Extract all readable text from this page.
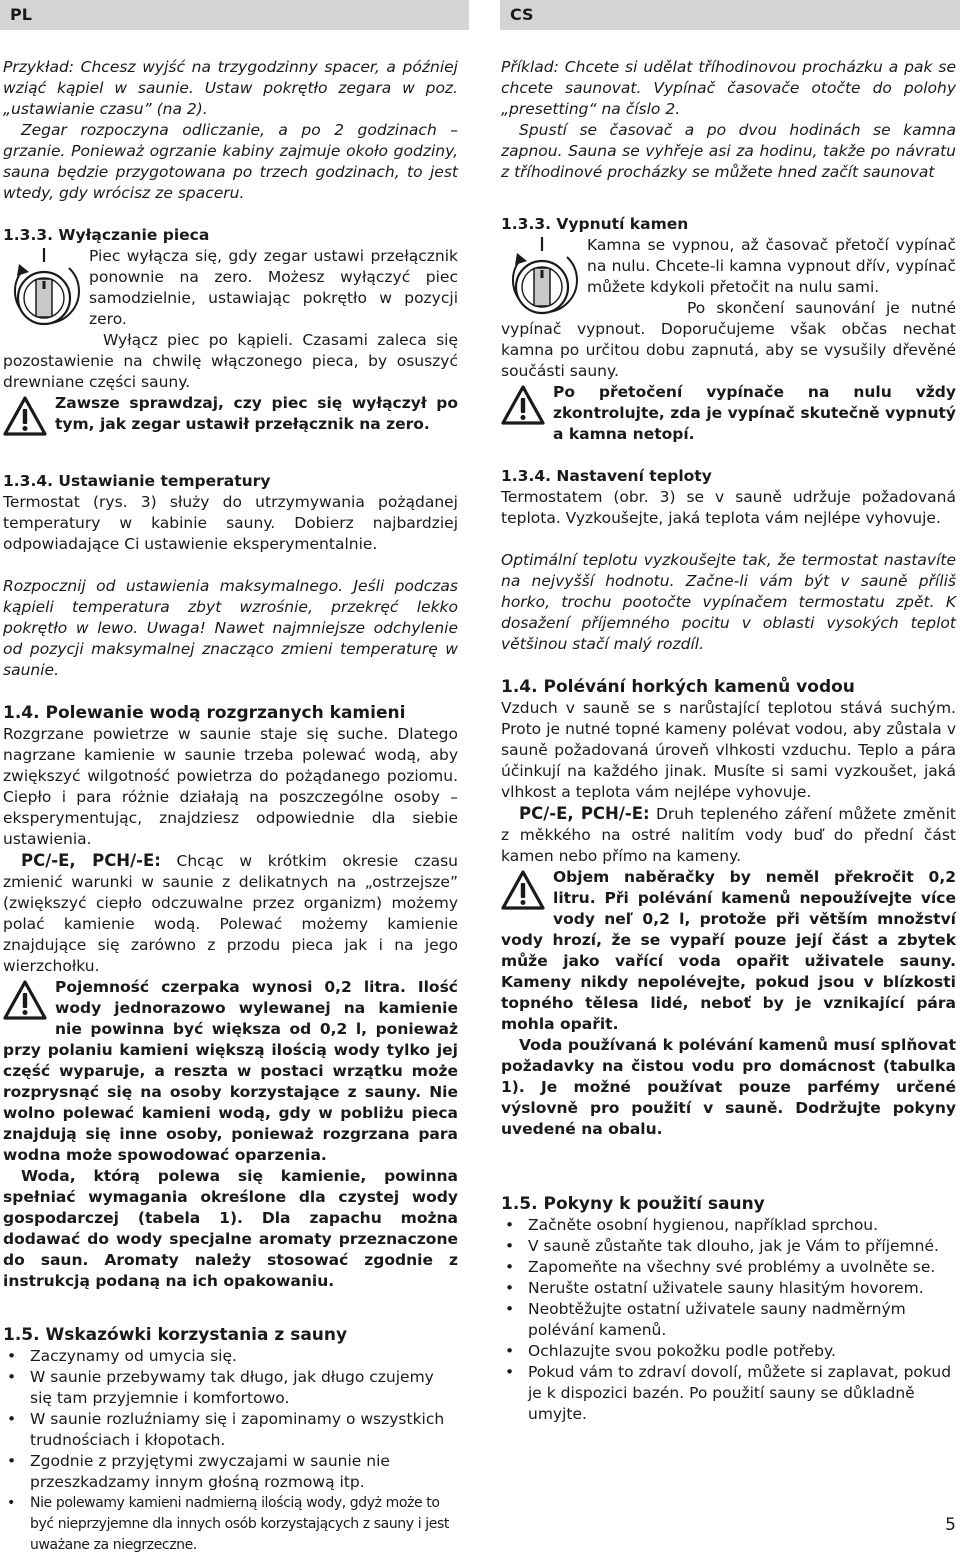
PL	CS

Przykład: Chcesz wyjść na trzygodzinny spacer, a później wziąć kąpiel w saunie. Ustaw pokrętło zegara w poz. „ustawianie czasu” (na 2).

Zegar rozpoczyna odliczanie, a po 2 godzinach – grzanie. Ponieważ ogrzanie kabiny zajmuje około godziny, sauna będzie przygotowana po trzech godzinach, to jest wtedy, gdy wrócisz ze spaceru.

1.3.3. Wyłączanie pieca

Piec wyłącza się, gdy zegar ustawi przełącznik ponownie na zero. Możesz wyłączyć piec samodzielnie, ustawiając pokrętło w pozycji zero.

Wyłącz piec po kąpieli. Czasami zaleca się pozostawienie na chwilę włączonego pieca, by osuszyć drewniane części sauny.

Zawsze sprawdzaj, czy piec się wyłączył po tym, jak zegar ustawił przełącznik na zero.

1.3.4. Ustawianie temperatury

Termostat (rys. 3) służy do utrzymywania pożądanej temperatury w kabinie sauny. Dobierz najbardziej odpowiadające Ci ustawienie eksperymentalnie.

Rozpocznij od ustawienia maksymalnego. Jeśli podczas kąpieli temperatura zbyt wzrośnie, przekręć lekko pokrętło w lewo. Uwaga! Nawet najmniejsze odchylenie od pozycji maksymalnej znacząco zmieni temperaturę w saunie.

1.4. Polewanie wodą rozgrzanych kamieni

Rozgrzane powietrze w saunie staje się suche. Dlatego nagrzane kamienie w saunie trzeba polewać wodą, aby zwiększyć wilgotność powietrza do pożądanego poziomu. Ciepło i para różnie działają na poszczególne osoby – eksperymentując, znajdziesz odpowiednie dla siebie ustawienia.

PC/-E, PCH/-E: Chcąc w krótkim okresie czasu zmienić warunki w saunie z delikatnych na „ostrzejsze” (zwiększyć ciepło odczuwalne przez organizm) możemy polać kamienie wodą. Polewać możemy kamienie znajdujące się zarówno z przodu pieca jak i na jego wierzchołku.

Pojemność czerpaka wynosi 0,2 litra. Ilość wody jednorazowo wylewanej na kamienie nie powinna być większa od 0,2 l, ponieważ przy polaniu kamieni większą ilością wody tylko jej część wyparuje, a reszta w postaci wrzątku może rozprysnąć się na osoby korzystające z sauny. Nie wolno polewać kamieni wodą, gdy w pobliżu pieca znajdują się inne osoby, ponieważ rozgrzana para wodna może spowodować oparzenia.

Woda, którą polewa się kamienie, powinna spełniać wymagania określone dla czystej wody gospodarczej (tabela 1). Dla zapachu można dodawać do wody specjalne aromaty przeznaczone do saun. Aromaty należy stosować zgodnie z instrukcją podaną na ich opakowaniu.

1.5. Wskazówki korzystania z sauny
• Zaczynamy od umycia się.
• W saunie przebywamy tak długo, jak długo czujemy się tam przyjemnie i komfortowo.
• W saunie rozluźniamy się i zapominamy o wszystkich trudnościach i kłopotach.
• Zgodnie z przyjętymi zwyczajami w saunie nie przeszkadzamy innym głośną rozmową itp.
• Nie polewamy kamieni nadmierną ilością wody, gdyż może to być nieprzyjemne dla innych osób korzystających z sauny i jest uważane za niegrzeczne.

Příklad: Chcete si udělat tříhodinovou procházku a pak se chcete saunovat. Vypínač časovače otočte do polohy „presetting“ na číslo 2.

Spustí se časovač a po dvou hodinách se kamna zapnou. Sauna se vyhřeje asi za hodinu, takže po návratu z tříhodinové procházky se můžete hned začít saunovat

1.3.3. Vypnutí kamen

Kamna se vypnou, až časovač přetočí vypínač na nulu. Chcete-li kamna vypnout dřív, vypínač můžete kdykoli přetočit na nulu sami.

Po skončení saunování je nutné vypínač vypnout. Doporučujeme však občas nechat kamna po určitou dobu zapnutá, aby se vysušily dřevěné součásti sauny.

Po přetočení vypínače na nulu vždy zkontrolujte, zda je vypínač skutečně vypnutý a kamna netopí.

1.3.4. Nastavení teploty

Termostatem (obr. 3) se v sauně udržuje požadovaná teplota. Vyzkoušejte, jaká teplota vám nejlépe vyhovuje.

Optimální teplotu vyzkoušejte tak, že termostat nastavíte na nejvyšší hodnotu. Začne-li vám být v sauně příliš horko, trochu pootočte vypínačem termostatu zpět. K dosažení příjemného pocitu v oblasti vysokých teplot většinou stačí malý rozdíl.

1.4. Polévání horkých kamenů vodou

Vzduch v sauně se s narůstající teplotou stává suchým. Proto je nutné topné kameny polévat vodou, aby zůstala v sauně požadovaná úroveň vlhkosti vzduchu. Teplo a pára účinkují na každého jinak. Musíte si sami vyzkoušet, jaká vlhkost a teplota vám nejlépe vyhovuje.

PC/-E, PCH/-E: Druh tepleného záření můžete změnit z měkkého na ostré nalitím vody buď do přední část kamen nebo přímo na kameny.

Objem naběračky by neměl překročit 0,2 litru. Při polévání kamenů nepoužívejte více vody neľ 0,2 l, protože při větším množství vody hrozí, že se vypaří pouze její část a zbytek může jako vařící voda opařit uživatele sauny. Kameny nikdy nepolévejte, pokud jsou v blízkosti topného tělesa lidé, neboť by je vznikající pára mohla opařit.

Voda používaná k polévání kamenů musí splňovat požadavky na čistou vodu pro domácnost (tabulka 1). Je možné používat pouze parfémy určené výslovně pro použití v sauně. Dodržujte pokyny uvedené na obalu.

1.5. Pokyny k použití sauny
• Začněte osobní hygienou, například sprchou.
• V sauně zůstaňte tak dlouho, jak je Vám to příjemné.
• Zapomeňte na všechny své problémy a uvolněte se.
• Nerušte ostatní uživatele sauny hlasitým hovorem.
• Neobtěžujte ostatní uživatele sauny nadměrným polévání kamenů.
• Ochlazujte svou pokožku podle potřeby.
• Pokud vám to zdraví dovolí, můžete si zaplavat, pokud je k dispozici bazén. Po použití sauny se důkladně umyjte.
5
